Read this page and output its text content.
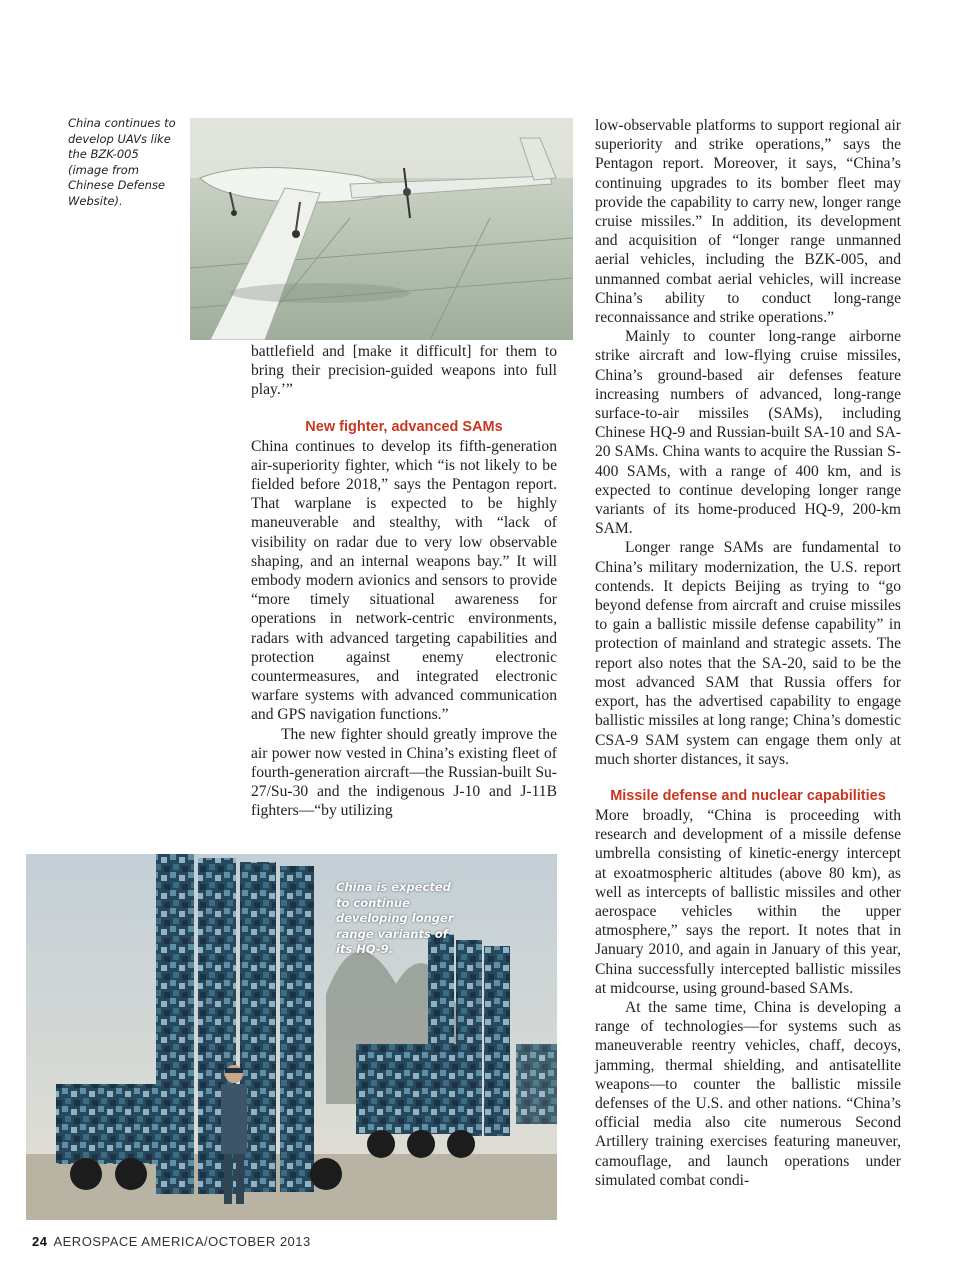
China continues to develop UAVs like the BZK-005 (image from Chinese Defense Website).

battlefield and [make it difficult] for them to bring their precision-guided weapons into full play.’”

New fighter, advanced SAMs

China continues to develop its fifth-generation air-superiority fighter, which “is not likely to be fielded before 2018,” says the Pentagon report. That warplane is expected to be highly maneuverable and stealthy, with “lack of visibility on radar due to very low observable shaping, and an internal weapons bay.” It will embody modern avionics and sensors to provide “more timely situational awareness for operations in network-centric environments, radars with advanced targeting capabilities and protection against enemy electronic countermeasures, and integrated electronic warfare systems with advanced communication and GPS navigation functions.”

The new fighter should greatly improve the air power now vested in China’s existing fleet of fourth-generation aircraft—the Russian-built Su-27/Su-30 and the indigenous J-10 and J-11B fighters—“by utilizing

low-observable platforms to support regional air superiority and strike operations,” says the Pentagon report. Moreover, it says, “China’s continuing upgrades to its bomber fleet may provide the capability to carry new, longer range cruise missiles.” In addition, its development and acquisition of “longer range unmanned aerial vehicles, including the BZK-005, and unmanned combat aerial vehicles, will increase China’s ability to conduct long-range reconnaissance and strike operations.”

Mainly to counter long-range airborne strike aircraft and low-flying cruise missiles, China’s ground-based air defenses feature increasing numbers of advanced, long-range surface-to-air missiles (SAMs), including Chinese HQ-9 and Russian-built SA-10 and SA-20 SAMs. China wants to acquire the Russian S-400 SAMs, with a range of 400 km, and is expected to continue developing longer range variants of its home-produced HQ-9, 200-km SAM.

Longer range SAMs are fundamental to China’s military modernization, the U.S. report contends. It depicts Beijing as trying to “go beyond defense from aircraft and cruise missiles to gain a ballistic missile defense capability” in protection of mainland and strategic assets. The report also notes that the SA-20, said to be the most advanced SAM that Russia offers for export, has the advertised capability to engage ballistic missiles at long range; China’s domestic CSA-9 SAM system can engage them only at much shorter distances, it says.

Missile defense and nuclear capabilities

More broadly, “China is proceeding with research and development of a missile defense umbrella consisting of kinetic-energy intercept at exoatmospheric altitudes (above 80 km), as well as intercepts of ballistic missiles and other aerospace vehicles within the upper atmosphere,” says the report. It notes that in January 2010, and again in January of this year, China successfully intercepted ballistic missiles at midcourse, using ground-based SAMs.

At the same time, China is developing a range of technologies—for systems such as maneuverable reentry vehicles, chaff, decoys, jamming, thermal shielding, and antisatellite weapons—to counter the ballistic missile defenses of the U.S. and other nations. “China’s official media also cite numerous Second Artillery training exercises featuring maneuver, camouflage, and launch operations under simulated combat condi-

China is expected to continue developing longer range variants of its HQ-9.
24 AEROSPACE AMERICA/OCTOBER 2013
